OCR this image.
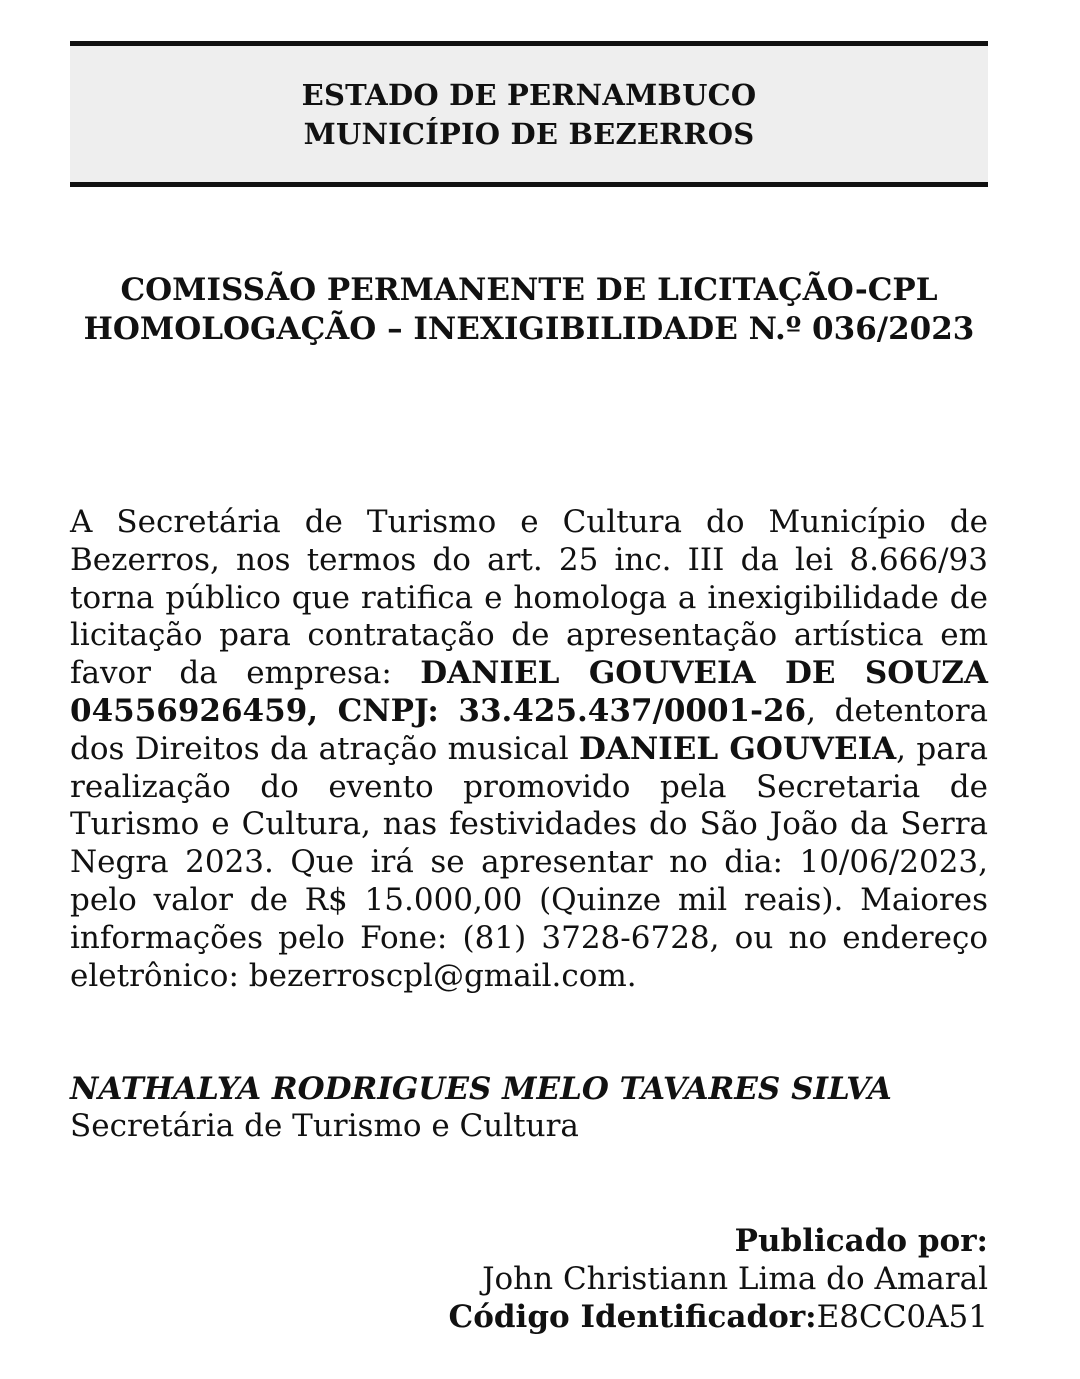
ESTADO DE PERNAMBUCO
MUNICÍPIO DE BEZERROS
COMISSÃO PERMANENTE DE LICITAÇÃO-CPL
HOMOLOGAÇÃO – INEXIGIBILIDADE N.º 036/2023

A Secretária de Turismo e Cultura do Município de Bezerros, nos termos do art. 25 inc. III da lei 8.666/93 torna público que ratifica e homologa a inexigibilidade de licitação para contratação de apresentação artística em favor da empresa: DANIEL GOUVEIA DE SOUZA 04556926459, CNPJ: 33.425.437/0001-26, detentora dos Direitos da atração musical DANIEL GOUVEIA, para realização do evento promovido pela Secretaria de Turismo e Cultura, nas festividades do São João da Serra Negra 2023. Que irá se apresentar no dia: 10/06/2023, pelo valor de R$ 15.000,00 (Quinze mil reais). Maiores informações pelo Fone: (81) 3728-6728, ou no endereço eletrônico: bezerroscpl@gmail.com.

NATHALYA RODRIGUES MELO TAVARES SILVA
Secretária de Turismo e Cultura
Publicado por:
John Christiann Lima do Amaral
Código Identificador:E8CC0A51
